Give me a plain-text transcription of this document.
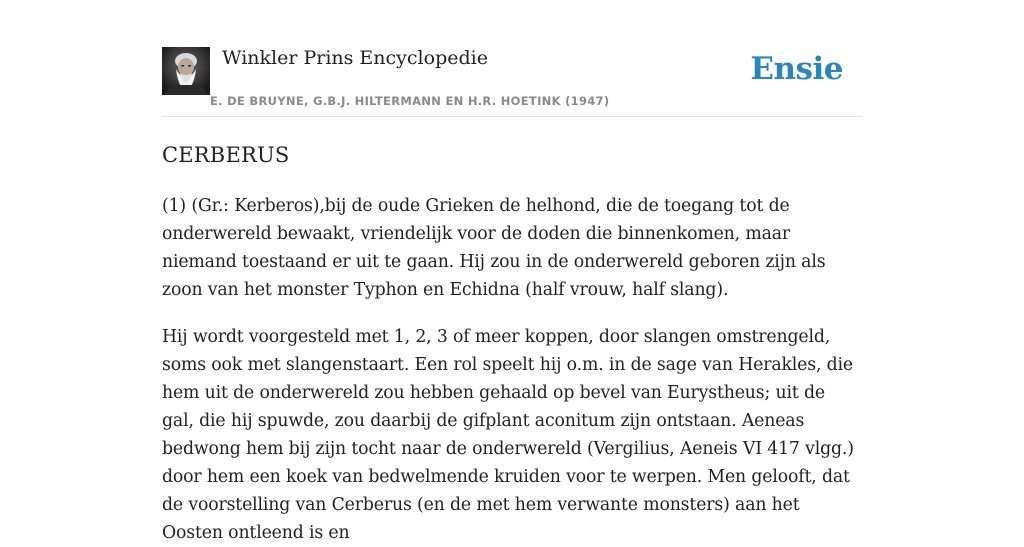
Winkler Prins Encyclopedie
E. DE BRUYNE, G.B.J. HILTERMANN EN H.R. HOETINK (1947)
Ensie
CERBERUS

(1) (Gr.: Kerberos),bij de oude Grieken de helhond, die de toegang tot de onderwereld bewaakt, vriendelijk voor de doden die binnenkomen, maar niemand toestaand er uit te gaan. Hij zou in de onderwereld geboren zijn als zoon van het monster Typhon en Echidna (half vrouw, half slang).

Hij wordt voorgesteld met 1, 2, 3 of meer koppen, door slangen omstrengeld, soms ook met slangenstaart. Een rol speelt hij o.m. in de sage van Herakles, die hem uit de onderwereld zou hebben gehaald op bevel van Eurystheus; uit de gal, die hij spuwde, zou daarbij de gifplant aconitum zijn ontstaan. Aeneas bedwong hem bij zijn tocht naar de onderwereld (Vergilius, Aeneis VI 417 vlgg.) door hem een koek van bedwelmende kruiden voor te werpen. Men gelooft, dat de voorstelling van Cerberus (en de met hem verwante monsters) aan het Oosten ontleend is en
